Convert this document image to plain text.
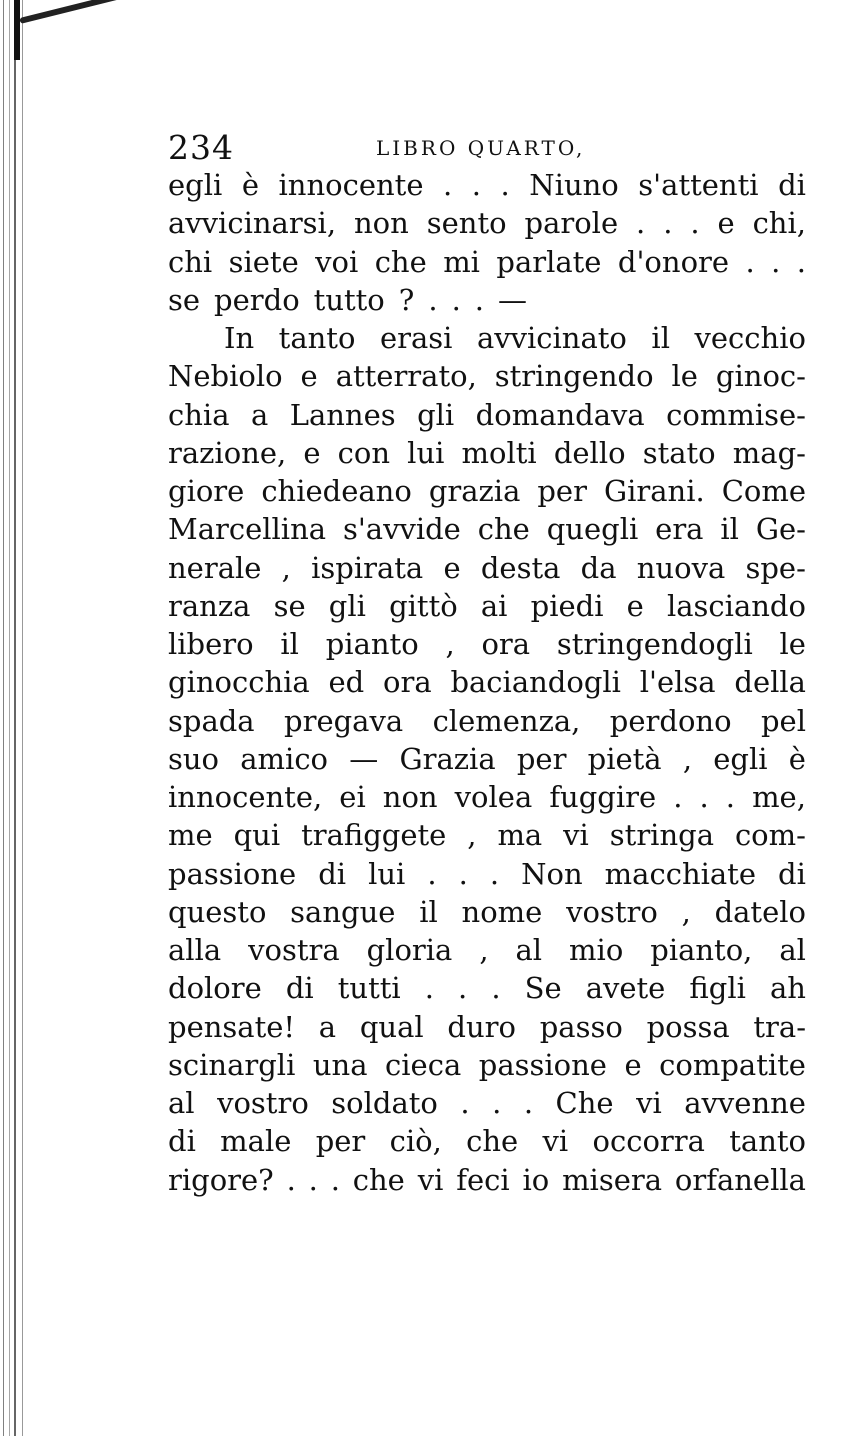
234	LIBRO QUARTO,
egli è innocente . . . Niuno s'attenti di
avvicinarsi, non sento parole . . . e chi,
chi siete voi che mi parlate d'onore . . .
se perdo tutto ? . . . —
In tanto erasi avvicinato il vecchio
Nebiolo e atterrato, stringendo le ginoc-
chia a Lannes gli domandava commise-
razione, e con lui molti dello stato mag-
giore chiedeano grazia per Girani. Come
Marcellina s'avvide che quegli era il Ge-
nerale , ispirata e desta da nuova spe-
ranza se gli gittò ai piedi e lasciando
libero il pianto , ora stringendogli le
ginocchia ed ora baciandogli l'elsa della
spada pregava clemenza, perdono pel
suo amico — Grazia per pietà , egli è
innocente, ei non volea fuggire . . . me,
me qui trafiggete , ma vi stringa com-
passione di lui . . . Non macchiate di
questo sangue il nome vostro , datelo
alla vostra gloria , al mio pianto, al
dolore di tutti . . . Se avete figli ah
pensate! a qual duro passo possa tra-
scinargli una cieca passione e compatite
al vostro soldato . . . Che vi avvenne
di male per ciò, che vi occorra tanto
rigore? . . . che vi feci io misera orfanella
